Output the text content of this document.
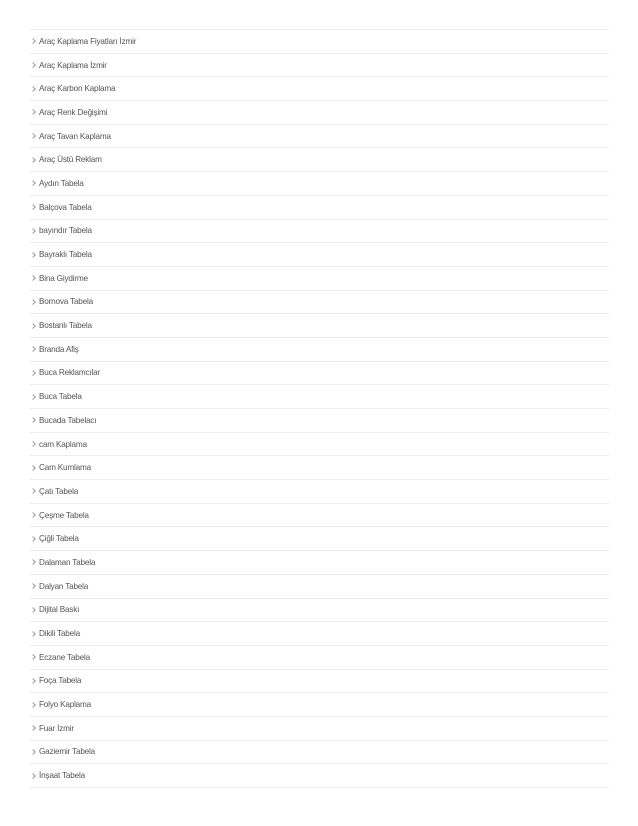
Araç Kaplama Fiyatları İzmir
Araç Kaplama İzmir
Araç Karbon Kaplama
Araç Renk Değişimi
Araç Tavan Kaplama
Araç Üstü Reklam
Aydın Tabela
Balçova Tabela
bayındır Tabela
Bayraklı Tabela
Bina Giydirme
Bornova Tabela
Bostanlı Tabela
Branda Afiş
Buca Reklamcılar
Buca Tabela
Bucada Tabelacı
cam Kaplama
Cam Kumlama
Çatı Tabela
Çeşme Tabela
Çiğli Tabela
Dalaman Tabela
Dalyan Tabela
Dijital Baskı
Dikili Tabela
Eczane Tabela
Foça Tabela
Folyo Kaplama
Fuar İzmir
Gaziemir Tabela
İnşaat Tabela
